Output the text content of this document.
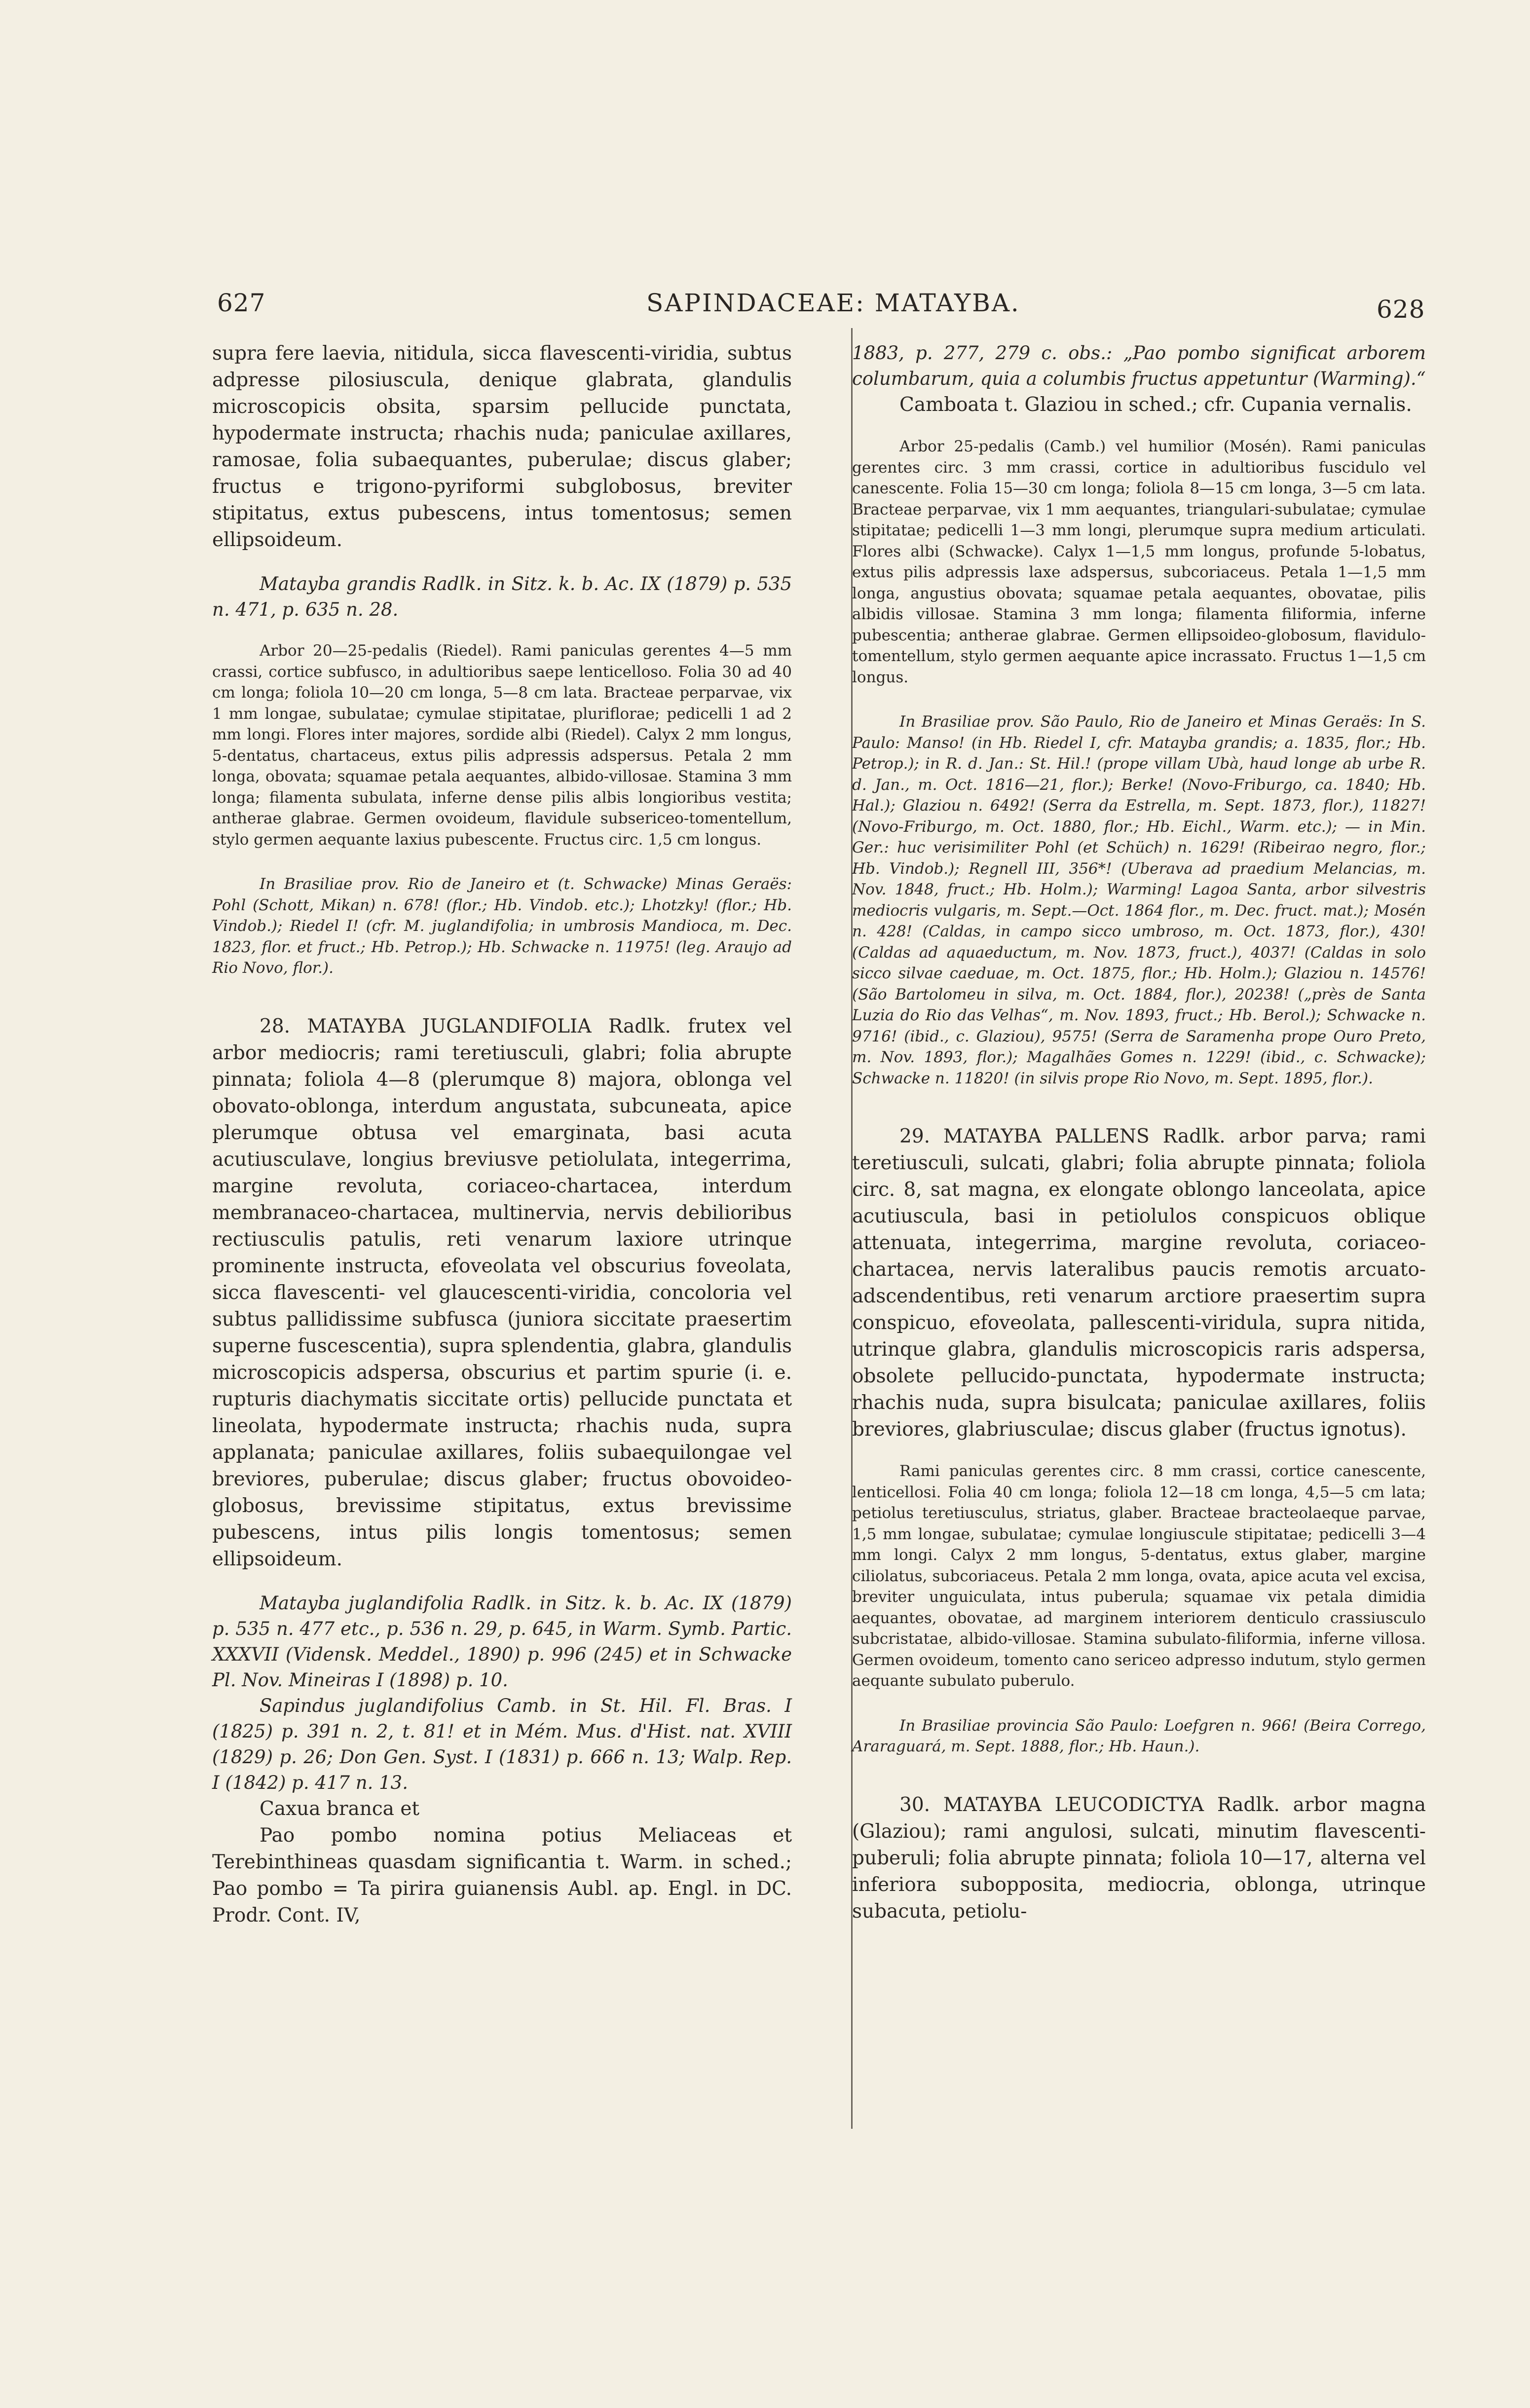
627	SAPINDACEAE: MATAYBA.	628

supra fere laevia, nitidula, sicca flavescenti-viridia, subtus adpresse pilosiuscula, denique glabrata, glandulis microscopicis obsita, sparsim pellucide punctata, hypodermate instructa; rhachis nuda; paniculae axillares, ramosae, folia subaequantes, puberulae; discus glaber; fructus e trigono-pyriformi subglobosus, breviter stipitatus, extus pubescens, intus tomentosus; semen ellipsoideum.

Matayba grandis Radlk. in Sitz. k. b. Ac. IX (1879) p. 535 n. 471, p. 635 n. 28.

Arbor 20—25-pedalis (Riedel). Rami paniculas gerentes 4—5 mm crassi, cortice subfusco, in adultioribus saepe lenticelloso. Folia 30 ad 40 cm longa; foliola 10—20 cm longa, 5—8 cm lata. Bracteae perparvae, vix 1 mm longae, subulatae; cymulae stipitatae, pluriflorae; pedicelli 1 ad 2 mm longi. Flores inter majores, sordide albi (Riedel). Calyx 2 mm longus, 5-dentatus, chartaceus, extus pilis adpressis adspersus. Petala 2 mm longa, obovata; squamae petala aequantes, albido-villosae. Stamina 3 mm longa; filamenta subulata, inferne dense pilis albis longioribus vestita; antherae glabrae. Germen ovoideum, flavidule subsericeo-tomentellum, stylo germen aequante laxius pubescente. Fructus circ. 1,5 cm longus.

In Brasiliae prov. Rio de Janeiro et (t. Schwacke) Minas Geraës: Pohl (Schott, Mikan) n. 678! (flor.; Hb. Vindob. etc.); Lhotzky! (flor.; Hb. Vindob.); Riedel I! (cfr. M. juglandifolia; in umbrosis Mandioca, m. Dec. 1823, flor. et fruct.; Hb. Petrop.); Hb. Schwacke n. 11975! (leg. Araujo ad Rio Novo, flor.).

28. MATAYBA JUGLANDIFOLIA Radlk. frutex vel arbor mediocris; rami teretiusculi, glabri; folia abrupte pinnata; foliola 4—8 (plerumque 8) majora, oblonga vel obovato-oblonga, interdum angustata, subcuneata, apice plerumque obtusa vel emarginata, basi acuta acutiusculave, longius breviusve petiolulata, integerrima, margine revoluta, coriaceo-chartacea, interdum membranaceo-chartacea, multinervia, nervis debilioribus rectiusculis patulis, reti venarum laxiore utrinque prominente instructa, efoveolata vel obscurius foveolata, sicca flavescenti- vel glaucescenti-viridia, concoloria vel subtus pallidissime subfusca (juniora siccitate praesertim superne fuscescentia), supra splendentia, glabra, glandulis microscopicis adspersa, obscurius et partim spurie (i. e. rupturis diachymatis siccitate ortis) pellucide punctata et lineolata, hypodermate instructa; rhachis nuda, supra applanata; paniculae axillares, foliis subaequilongae vel breviores, puberulae; discus glaber; fructus obovoideo-globosus, brevissime stipitatus, extus brevissime pubescens, intus pilis longis tomentosus; semen ellipsoideum.

Matayba juglandifolia Radlk. in Sitz. k. b. Ac. IX (1879) p. 535 n. 477 etc., p. 536 n. 29, p. 645, in Warm. Symb. Partic. XXXVII (Vidensk. Meddel., 1890) p. 996 (245) et in Schwacke Pl. Nov. Mineiras I (1898) p. 10.

Sapindus juglandifolius Camb. in St. Hil. Fl. Bras. I (1825) p. 391 n. 2, t. 81! et in Mém. Mus. d'Hist. nat. XVIII (1829) p. 26; Don Gen. Syst. I (1831) p. 666 n. 13; Walp. Rep. I (1842) p. 417 n. 13.

Caxua branca et

Pao pombo nomina potius Meliaceas et Terebinthineas quasdam significantia t. Warm. in sched.; Pao pombo = Ta pirira guianensis Aubl. ap. Engl. in DC. Prodr. Cont. IV,

1883, p. 277, 279 c. obs.: „Pao pombo significat arborem columbarum, quia a columbis fructus appetuntur (Warming).“

Camboata t. Glaziou in sched.; cfr. Cupania vernalis.

Arbor 25-pedalis (Camb.) vel humilior (Mosén). Rami paniculas gerentes circ. 3 mm crassi, cortice in adultioribus fuscidulo vel canescente. Folia 15—30 cm longa; foliola 8—15 cm longa, 3—5 cm lata. Bracteae perparvae, vix 1 mm aequantes, triangulari-subulatae; cymulae stipitatae; pedicelli 1—3 mm longi, plerumque supra medium articulati. Flores albi (Schwacke). Calyx 1—1,5 mm longus, profunde 5-lobatus, extus pilis adpressis laxe adspersus, subcoriaceus. Petala 1—1,5 mm longa, angustius obovata; squamae petala aequantes, obovatae, pilis albidis villosae. Stamina 3 mm longa; filamenta filiformia, inferne pubescentia; antherae glabrae. Germen ellipsoideo-globosum, flavidulo-tomentellum, stylo germen aequante apice incrassato. Fructus 1—1,5 cm longus.

In Brasiliae prov. São Paulo, Rio de Janeiro et Minas Geraës: In S. Paulo: Manso! (in Hb. Riedel I, cfr. Matayba grandis; a. 1835, flor.; Hb. Petrop.); in R. d. Jan.: St. Hil.! (prope villam Ubà, haud longe ab urbe R. d. Jan., m. Oct. 1816—21, flor.); Berke! (Novo-Friburgo, ca. 1840; Hb. Hal.); Glaziou n. 6492! (Serra da Estrella, m. Sept. 1873, flor.), 11827! (Novo-Friburgo, m. Oct. 1880, flor.; Hb. Eichl., Warm. etc.); — in Min. Ger.: huc verisimiliter Pohl (et Schüch) n. 1629! (Ribeirao negro, flor.; Hb. Vindob.); Regnell III, 356*! (Uberava ad praedium Melancias, m. Nov. 1848, fruct.; Hb. Holm.); Warming! Lagoa Santa, arbor silvestris mediocris vulgaris, m. Sept.—Oct. 1864 flor., m. Dec. fruct. mat.); Mosén n. 428! (Caldas, in campo sicco umbroso, m. Oct. 1873, flor.), 430! (Caldas ad aquaeductum, m. Nov. 1873, fruct.), 4037! (Caldas in solo sicco silvae caeduae, m. Oct. 1875, flor.; Hb. Holm.); Glaziou n. 14576! (São Bartolomeu in silva, m. Oct. 1884, flor.), 20238! („près de Santa Luzia do Rio das Velhas“, m. Nov. 1893, fruct.; Hb. Berol.); Schwacke n. 9716! (ibid., c. Glaziou), 9575! (Serra de Saramenha prope Ouro Preto, m. Nov. 1893, flor.); Magalhães Gomes n. 1229! (ibid., c. Schwacke); Schwacke n. 11820! (in silvis prope Rio Novo, m. Sept. 1895, flor.).

29. MATAYBA PALLENS Radlk. arbor parva; rami teretiusculi, sulcati, glabri; folia abrupte pinnata; foliola circ. 8, sat magna, ex elongate oblongo lanceolata, apice acutiuscula, basi in petiolulos conspicuos oblique attenuata, integerrima, margine revoluta, coriaceo-chartacea, nervis lateralibus paucis remotis arcuato-adscendentibus, reti venarum arctiore praesertim supra conspicuo, efoveolata, pallescenti-viridula, supra nitida, utrinque glabra, glandulis microscopicis raris adspersa, obsolete pellucido-punctata, hypodermate instructa; rhachis nuda, supra bisulcata; paniculae axillares, foliis breviores, glabriusculae; discus glaber (fructus ignotus).

Rami paniculas gerentes circ. 8 mm crassi, cortice canescente, lenticellosi. Folia 40 cm longa; foliola 12—18 cm longa, 4,5—5 cm lata; petiolus teretiusculus, striatus, glaber. Bracteae bracteolaeque parvae, 1,5 mm longae, subulatae; cymulae longiuscule stipitatae; pedicelli 3—4 mm longi. Calyx 2 mm longus, 5-dentatus, extus glaber, margine ciliolatus, subcoriaceus. Petala 2 mm longa, ovata, apice acuta vel excisa, breviter unguiculata, intus puberula; squamae vix petala dimidia aequantes, obovatae, ad marginem interiorem denticulo crassiusculo subcristatae, albido-villosae. Stamina subulato-filiformia, inferne villosa. Germen ovoideum, tomento cano sericeo adpresso indutum, stylo germen aequante subulato puberulo.

In Brasiliae provincia São Paulo: Loefgren n. 966! (Beira Corrego, Araraguará, m. Sept. 1888, flor.; Hb. Haun.).

30. MATAYBA LEUCODICTYA Radlk. arbor magna (Glaziou); rami angulosi, sulcati, minutim flavescenti-puberuli; folia abrupte pinnata; foliola 10—17, alterna vel inferiora subopposita, mediocria, oblonga, utrinque subacuta, petiolu-
